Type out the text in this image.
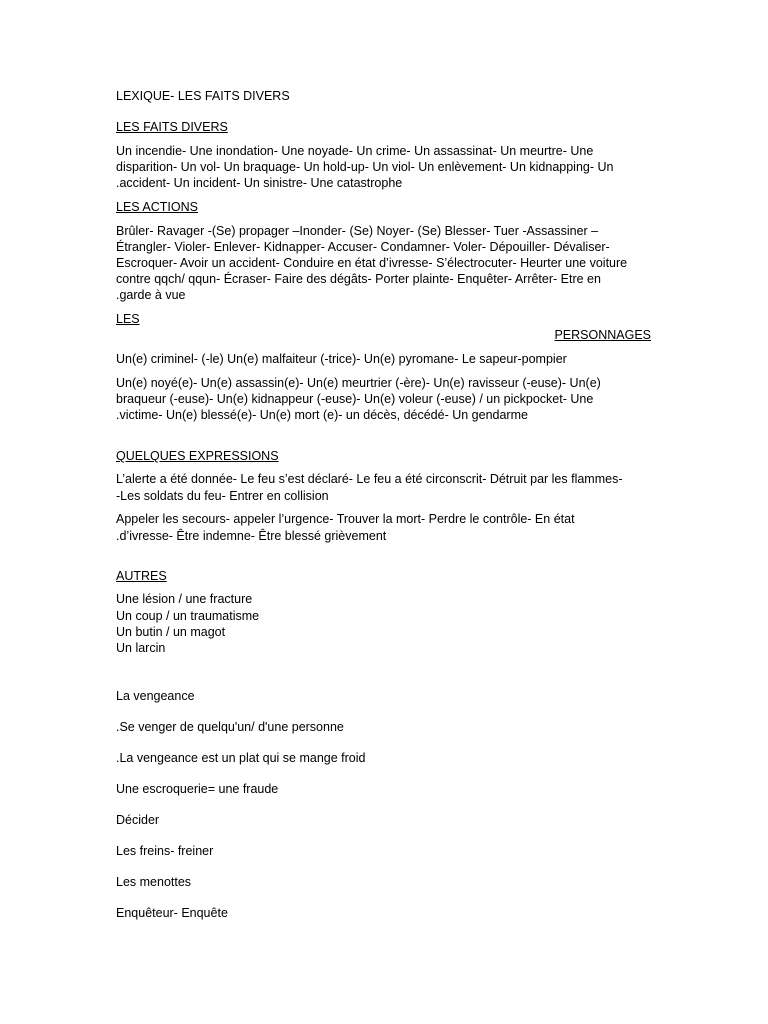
LEXIQUE- LES FAITS DIVERS
LES FAITS DIVERS
Un incendie- Une inondation- Une noyade- Un crime- Un assassinat- Un meurtre- Une
disparition- Un vol- Un braquage- Un hold-up- Un viol- Un enlèvement- Un kidnapping- Un
.accident- Un incident- Un sinistre- Une catastrophe
LES ACTIONS
Brûler- Ravager -(Se) propager –Inonder- (Se) Noyer- (Se) Blesser- Tuer -Assassiner –
Étrangler- Violer- Enlever- Kidnapper- Accuser- Condamner- Voler- Dépouiller- Dévaliser-
Escroquer- Avoir un accident- Conduire en état d’ivresse- S’électrocuter- Heurter une voiture
contre qqch/ qqun- Écraser- Faire des dégâts- Porter plainte- Enquêter- Arrêter- Etre en
.garde à vue
LES
PERSONNAGES
Un(e) criminel- (-le) Un(e) malfaiteur (-trice)- Un(e) pyromane- Le sapeur-pompier
Un(e) noyé(e)- Un(e) assassin(e)- Un(e) meurtrier (-ère)- Un(e) ravisseur (-euse)- Un(e)
braqueur (-euse)- Un(e) kidnappeur (-euse)- Un(e) voleur (-euse) / un pickpocket- Une
.victime- Un(e) blessé(e)- Un(e) mort (e)- un décès, décédé- Un gendarme
QUELQUES EXPRESSIONS
L’alerte a été donnée- Le feu s’est déclaré- Le feu a été circonscrit- Détruit par les flammes-
-Les soldats du feu- Entrer en collision
Appeler les secours- appeler l’urgence- Trouver la mort- Perdre le contrôle- En état
.d’ivresse- Être indemne- Être blessé grièvement
AUTRES
Une lésion / une fracture
Un coup / un traumatisme
Un butin / un magot
Un larcin
La vengeance
.Se venger de quelqu'un/ d'une personne
.La vengeance est un plat qui se mange froid
Une escroquerie= une fraude
Décider
Les freins- freiner
Les menottes
Enquêteur- Enquête
